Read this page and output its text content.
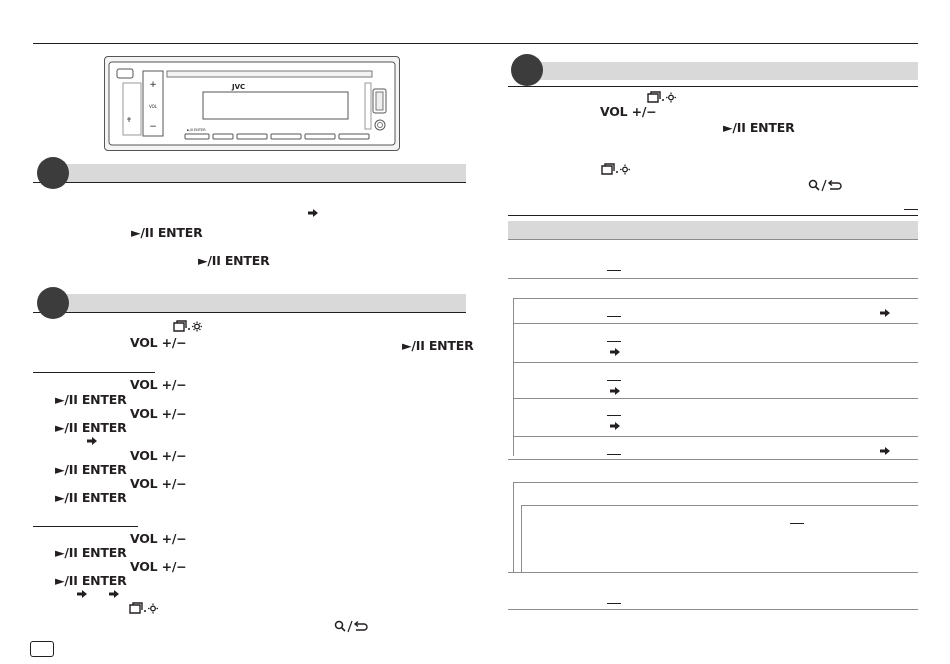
+
VOL
−
JVC
►/II ENTER
►/II ENTER
►/II ENTER
VOL +/−	►/II ENTER
VOL +/−
►/II ENTER
VOL +/−
►/II ENTER
VOL +/−
►/II ENTER
VOL +/−
►/II ENTER
VOL +/−
►/II ENTER
VOL +/−
►/II ENTER
VOL +/−
►/II ENTER
